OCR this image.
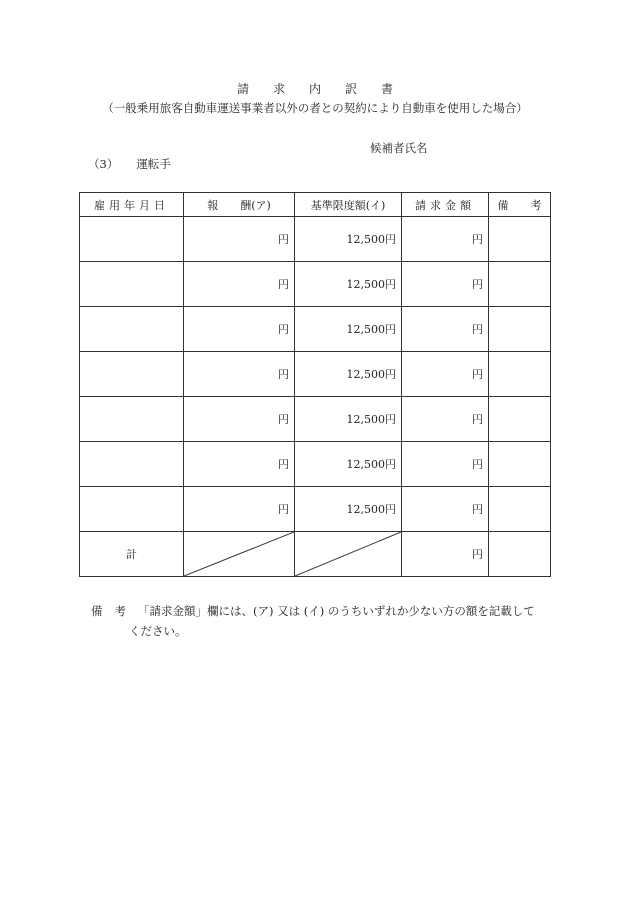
請求内訳書
（一般乗用旅客自動車運送事業者以外の者との契約により自動車を使用した場合）
候補者氏名
（3） 運転手
雇用年月日	報　　酬(ア)	基準限度額(イ)	請求金額	備　　考
	円	12,500円	円	
	円	12,500円	円	
	円	12,500円	円	
	円	12,500円	円	
	円	12,500円	円	
	円	12,500円	円	
	円	12,500円	円	
計			円	
備考「請求金額」欄には、(ア) 又は (イ) のうちいずれか少ない方の額を記載して
ください。
